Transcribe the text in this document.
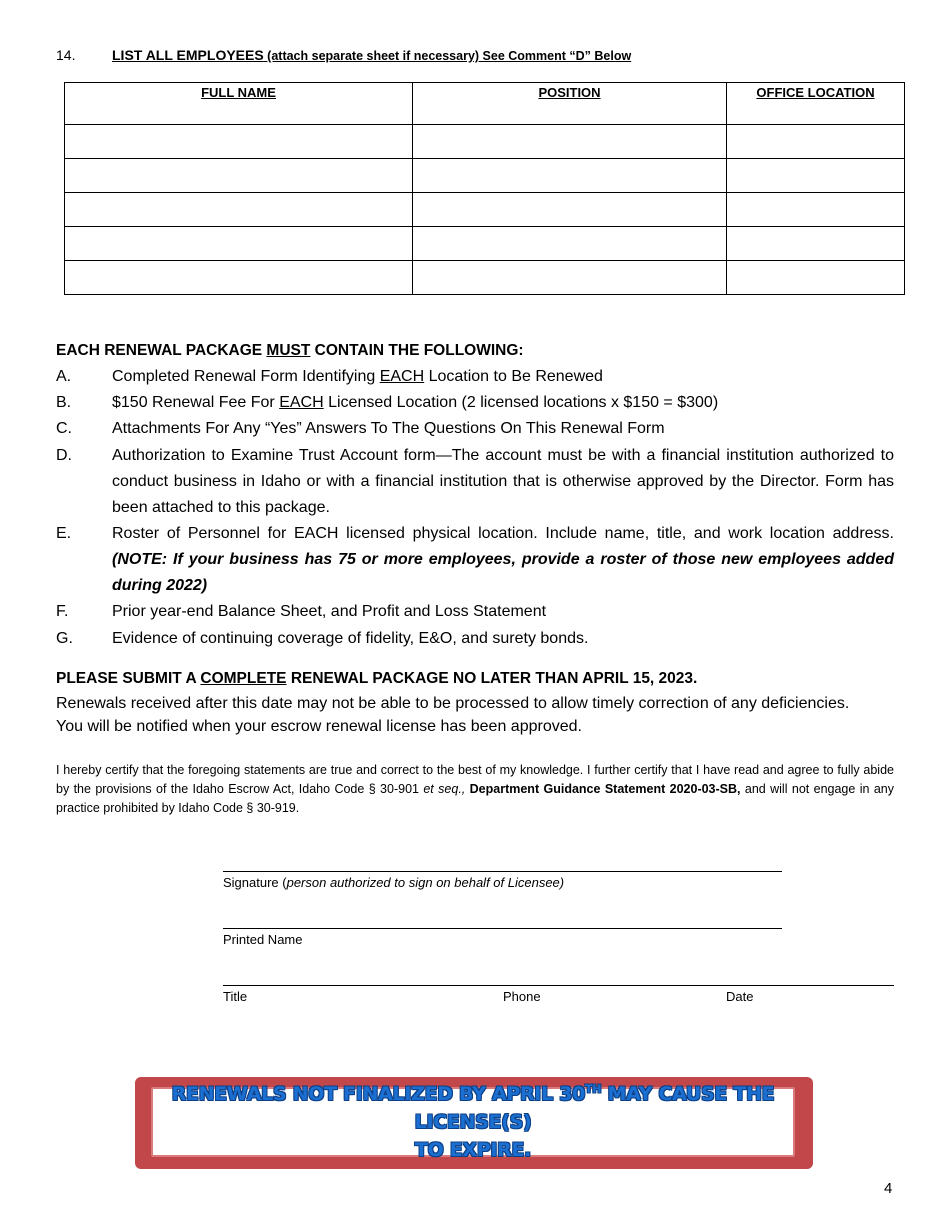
14.	LIST ALL EMPLOYEES (attach separate sheet if necessary) See Comment “D” Below
FULL NAME	POSITION	OFFICE LOCATION

EACH RENEWAL PACKAGE MUST CONTAIN THE FOLLOWING:
A.	Completed Renewal Form Identifying EACH Location to Be Renewed
B.	$150 Renewal Fee For EACH Licensed Location (2 licensed locations x $150 = $300)
C.	Attachments For Any “Yes” Answers To The Questions On This Renewal Form
D.	Authorization to Examine Trust Account form—The account must be with a financial institution authorized to conduct business in Idaho or with a financial institution that is otherwise approved by the Director. Form has been attached to this package.
E.	Roster of Personnel for EACH licensed physical location. Include name, title, and work location address. (NOTE: If your business has 75 or more employees, provide a roster of those new employees added during 2022)
F.	Prior year-end Balance Sheet, and Profit and Loss Statement
G. Evidence of continuing coverage of fidelity, E&O, and surety bonds.
PLEASE SUBMIT A COMPLETE RENEWAL PACKAGE NO LATER THAN APRIL 15, 2023.
Renewals received after this date may not be able to be processed to allow timely correction of any deficiencies.
You will be notified when your escrow renewal license has been approved.
I hereby certify that the foregoing statements are true and correct to the best of my knowledge. I further certify that I have read and agree to fully abide by the provisions of the Idaho Escrow Act, Idaho Code § 30-901 et seq., Department Guidance Statement 2020-03-SB, and will not engage in any practice prohibited by Idaho Code § 30-919.
Signature (person authorized to sign on behalf of Licensee)
Printed Name
Title	Phone	Date
RENEWALS NOT FINALIZED BY APRIL 30TH MAY CAUSE THE LICENSE(S)
TO EXPIRE.
4
